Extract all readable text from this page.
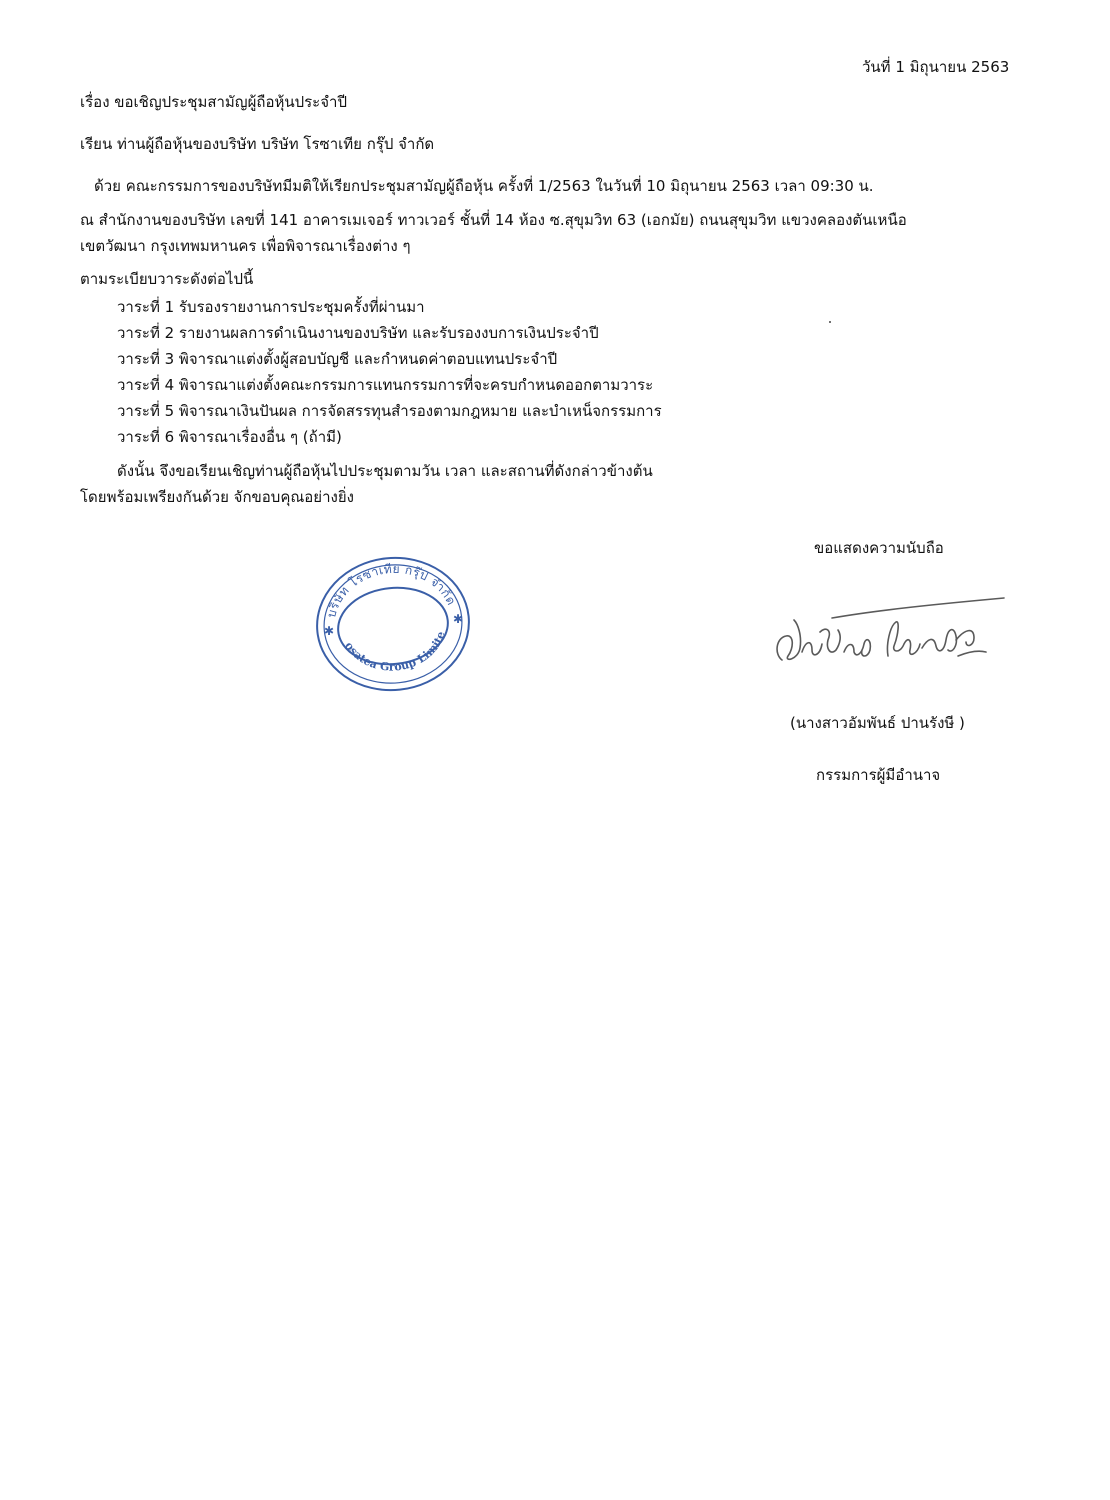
วันที่ 1 มิถุนายน 2563
เรื่อง ขอเชิญประชุมสามัญผู้ถือหุ้นประจำปี
เรียน ท่านผู้ถือหุ้นของบริษัท บริษัท โรซาเทีย กรุ๊ป จำกัด
ด้วย คณะกรรมการของบริษัทมีมติให้เรียกประชุมสามัญผู้ถือหุ้น ครั้งที่ 1/2563 ในวันที่ 10 มิถุนายน 2563 เวลา 09:30 น.
ณ สำนักงานของบริษัท เลขที่ 141 อาคารเมเจอร์ ทาวเวอร์ ชั้นที่ 14 ห้อง ซ.สุขุมวิท 63 (เอกมัย) ถนนสุขุมวิท แขวงคลองตันเหนือ
เขตวัฒนา กรุงเทพมหานคร เพื่อพิจารณาเรื่องต่าง ๆ
ตามระเบียบวาระดังต่อไปนี้
วาระที่ 1 รับรองรายงานการประชุมครั้งที่ผ่านมา
วาระที่ 2 รายงานผลการดำเนินงานของบริษัท และรับรองงบการเงินประจำปี
วาระที่ 3 พิจารณาแต่งตั้งผู้สอบบัญชี และกำหนดค่าตอบแทนประจำปี
วาระที่ 4 พิจารณาแต่งตั้งคณะกรรมการแทนกรรมการที่จะครบกำหนดออกตามวาระ
วาระที่ 5 พิจารณาเงินปันผล การจัดสรรทุนสำรองตามกฎหมาย และบำเหน็จกรรมการ
วาระที่ 6 พิจารณาเรื่องอื่น ๆ (ถ้ามี)
ดังนั้น จึงขอเรียนเชิญท่านผู้ถือหุ้นไปประชุมตามวัน เวลา และสถานที่ดังกล่าวข้างต้น
โดยพร้อมเพรียงกันด้วย จักขอบคุณอย่างยิ่ง
ขอแสดงความนับถือ
✱
✱
บริษัท โรซาเทีย กรุ๊ป จำกัด
Rosatea Group Limited
(นางสาวอัมพันธ์ ปานรังษี )
กรรมการผู้มีอำนาจ
